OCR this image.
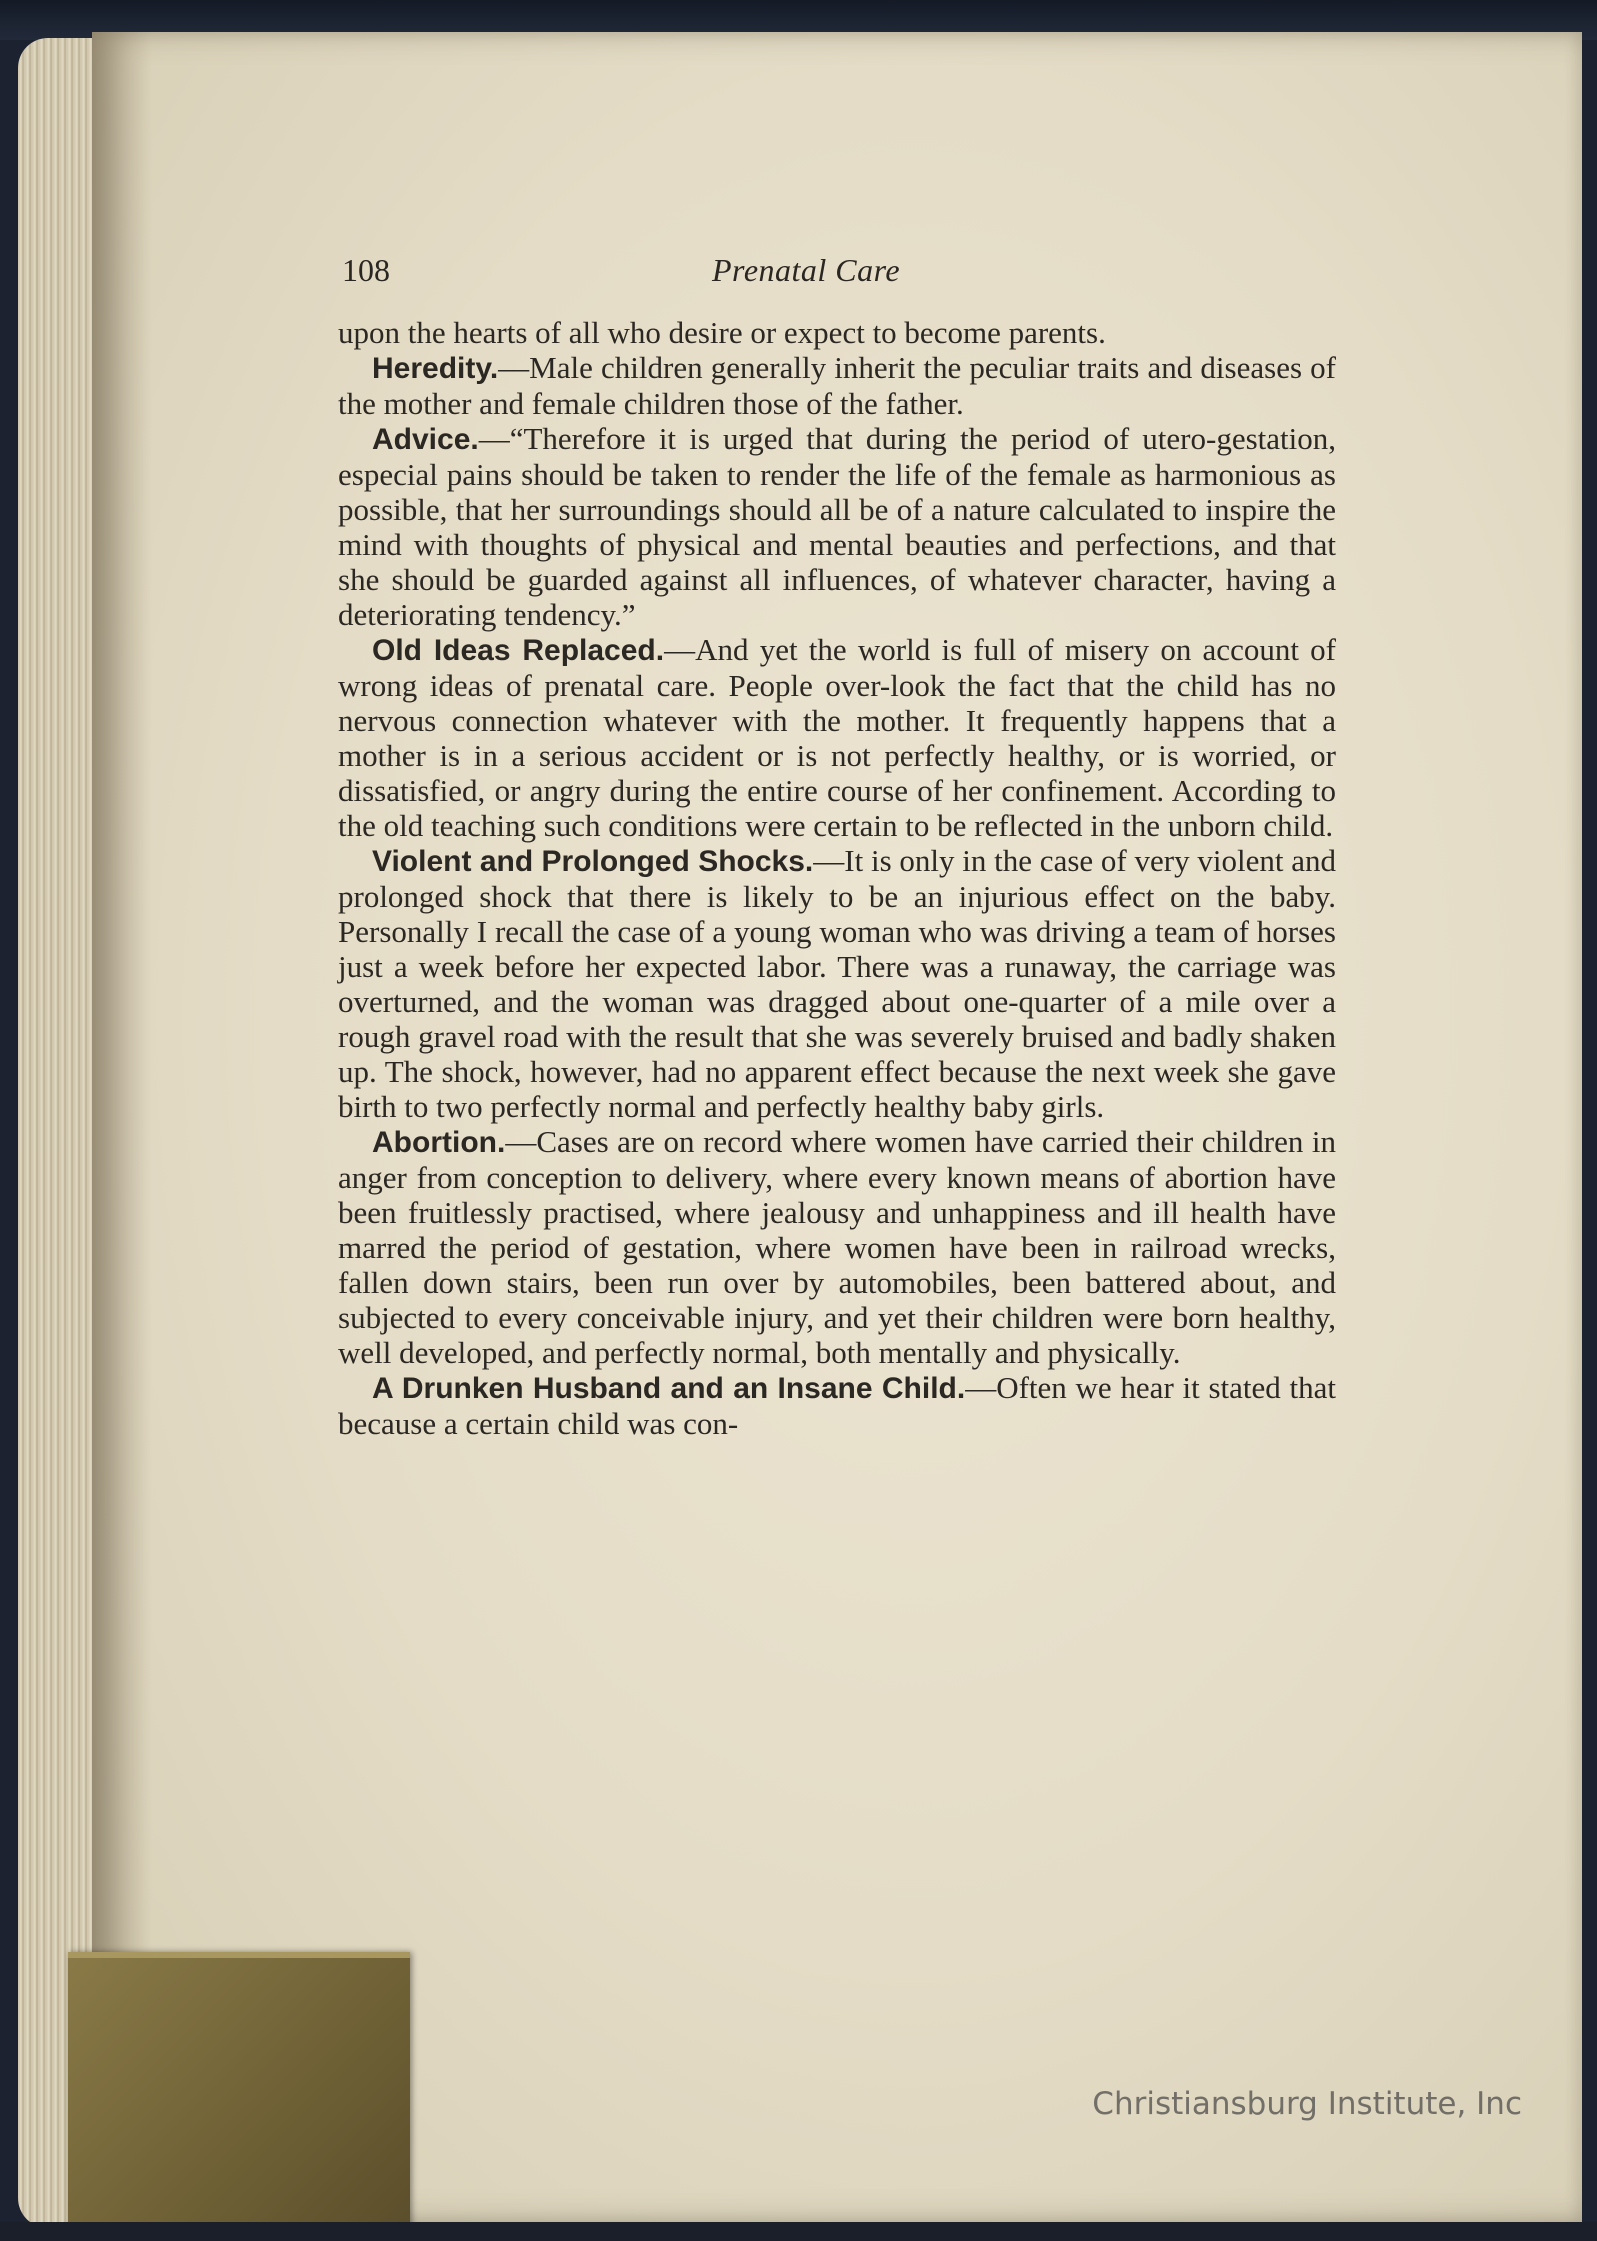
108	Prenatal Care

upon the hearts of all who desire or expect to become parents.

Heredity.—Male children generally inherit the peculiar traits and diseases of the mother and female children those of the father.

Advice.—“Therefore it is urged that during the period of utero-gestation, especial pains should be taken to render the life of the female as harmonious as possible, that her surroundings should all be of a nature calculated to inspire the mind with thoughts of physical and mental beauties and perfections, and that she should be guarded against all influences, of whatever character, having a deteriorating tendency.”

Old Ideas Replaced.—And yet the world is full of misery on account of wrong ideas of prenatal care. People over-look the fact that the child has no nervous connection whatever with the mother. It frequently happens that a mother is in a serious accident or is not perfectly healthy, or is worried, or dissatisfied, or angry during the entire course of her confinement. According to the old teaching such conditions were certain to be reflected in the unborn child.

Violent and Prolonged Shocks.—It is only in the case of very violent and prolonged shock that there is likely to be an injurious effect on the baby. Personally I recall the case of a young woman who was driving a team of horses just a week before her expected labor. There was a runaway, the carriage was overturned, and the woman was dragged about one-quarter of a mile over a rough gravel road with the result that she was severely bruised and badly shaken up. The shock, however, had no apparent effect because the next week she gave birth to two perfectly normal and perfectly healthy baby girls.

Abortion.—Cases are on record where women have carried their children in anger from conception to delivery, where every known means of abortion have been fruitlessly practised, where jealousy and unhappiness and ill health have marred the period of gestation, where women have been in railroad wrecks, fallen down stairs, been run over by automobiles, been battered about, and subjected to every conceivable injury, and yet their children were born healthy, well developed, and perfectly normal, both mentally and physically.

A Drunken Husband and an Insane Child.—Often we hear it stated that because a certain child was con-

Christiansburg Institute, Inc
